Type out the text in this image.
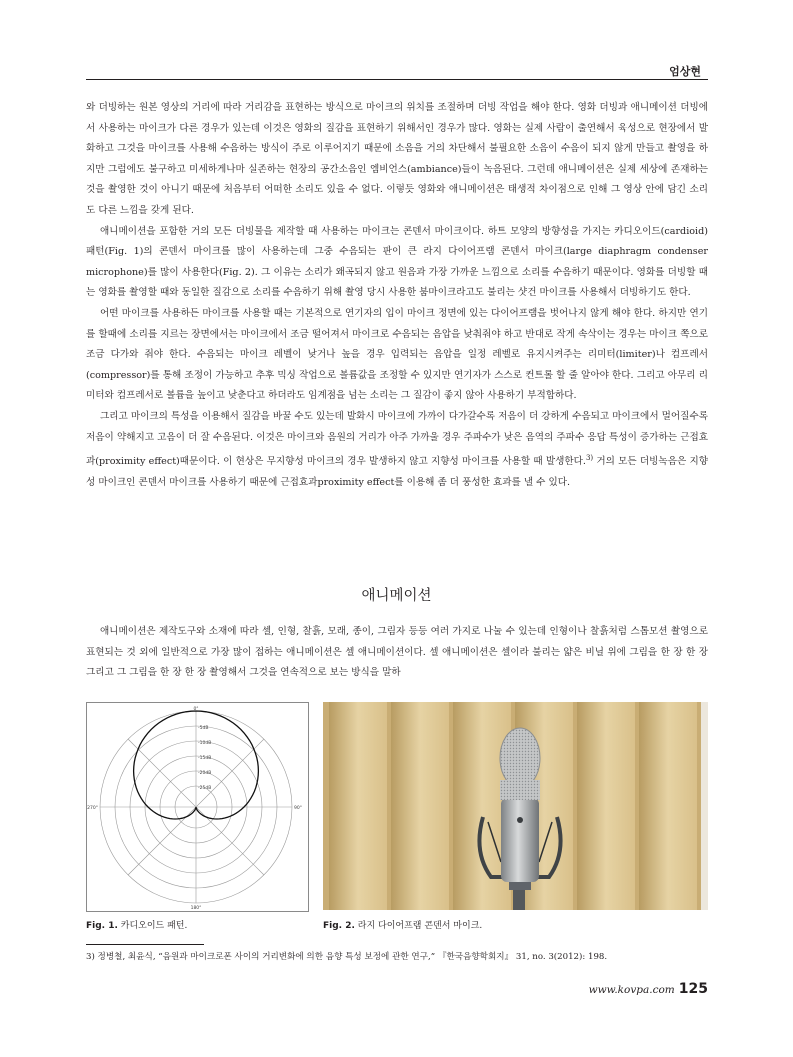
엄상현

와 더빙하는 원본 영상의 거리에 따라 거리감을 표현하는 방식으로 마이크의 위치를 조절하며 더빙 작업을 해야 한다. 영화 더빙과 애니메이션 더빙에서 사용하는 마이크가 다른 경우가 있는데 이것은 영화의 질감을 표현하기 위해서인 경우가 많다. 영화는 실제 사람이 출연해서 육성으로 현장에서 발화하고 그것을 마이크를 사용해 수음하는 방식이 주로 이루어지기 때문에 소음을 거의 차단해서 불필요한 소음이 수음이 되지 않게 만들고 촬영을 하지만 그럼에도 불구하고 미세하게나마 실존하는 현장의 공간소음인 엠비언스(ambiance)들이 녹음된다. 그런데 애니메이션은 실제 세상에 존재하는 것을 촬영한 것이 아니기 때문에 처음부터 어떠한 소리도 있을 수 없다. 이렇듯 영화와 애니메이션은 태생적 차이점으로 인해 그 영상 안에 담긴 소리도 다른 느낌을 갖게 된다.

애니메이션을 포함한 거의 모든 더빙물을 제작할 때 사용하는 마이크는 콘덴서 마이크이다. 하트 모양의 방향성을 가지는 카디오이드(cardioid) 패턴(Fig. 1)의 콘덴서 마이크를 많이 사용하는데 그중 수음되는 판이 큰 라지 다이어프램 콘덴서 마이크(large diaphragm condenser microphone)를 많이 사용한다(Fig. 2). 그 이유는 소리가 왜곡되지 않고 원음과 가장 가까운 느낌으로 소리를 수음하기 때문이다. 영화를 더빙할 때는 영화를 촬영할 때와 동일한 질감으로 소리를 수음하기 위해 촬영 당시 사용한 붐마이크라고도 불리는 샷건 마이크를 사용해서 더빙하기도 한다.

어떤 마이크를 사용하든 마이크를 사용할 때는 기본적으로 연기자의 입이 마이크 정면에 있는 다이어프램을 벗어나지 않게 해야 한다. 하지만 연기를 할때에 소리를 지르는 장면에서는 마이크에서 조금 떨어져서 마이크로 수음되는 음압을 낮춰줘야 하고 반대로 작게 속삭이는 경우는 마이크 쪽으로 조금 다가와 줘야 한다. 수음되는 마이크 레벨이 낮거나 높을 경우 입력되는 음압을 일정 레벨로 유지시켜주는 리미터(limiter)나 컴프레서(compressor)를 통해 조정이 가능하고 추후 믹싱 작업으로 볼륨값을 조정할 수 있지만 연기자가 스스로 컨트롤 할 줄 알아야 한다. 그리고 아무리 리미터와 컴프레서로 볼륨을 높이고 낮춘다고 하더라도 임계점을 넘는 소리는 그 질감이 좋지 않아 사용하기 부적합하다.

그리고 마이크의 특성을 이용해서 질감을 바꿀 수도 있는데 발화시 마이크에 가까이 다가갈수록 저음이 더 강하게 수음되고 마이크에서 멀어질수록 저음이 약해지고 고음이 더 잘 수음된다. 이것은 마이크와 음원의 거리가 아주 가까울 경우 주파수가 낮은 음역의 주파수 응답 특성이 증가하는 근접효과(proximity effect)때문이다. 이 현상은 무지향성 마이크의 경우 발생하지 않고 지향성 마이크를 사용할 때 발생한다.$^{3)}$ 거의 모든 더빙녹음은 지향성 마이크인 콘덴서 마이크를 사용하기 때문에 근접효과proximity effect를 이용해 좀 더 풍성한 효과를 낼 수 있다.

애니메이션

애니메이션은 제작도구와 소재에 따라 셀, 인형, 찰흙, 모래, 종이, 그림자 등등 여러 가지로 나눌 수 있는데 인형이나 찰흙처럼 스톱모션 촬영으로 표현되는 것 외에 일반적으로 가장 많이 접하는 애니메이션은 셀 애니메이션이다. 셀 애니메이션은 셀이라 불리는 얇은 비닐 위에 그림을 한 장 한 장 그리고 그 그림을 한 장 한 장 촬영해서 그것을 연속적으로 보는 방식을 말하

0°
90°
180°
270°
-5dB
-10dB
-15dB
-20dB
-25dB
Fig. 1. 카디오이드 패턴.	Fig. 2. 라지 다이어프램 콘덴서 마이크.
3) 정병철, 최윤식, “음원과 마이크로폰 사이의 거리변화에 의한 음향 특성 보정에 관한 연구,” 『한국음향학회지』 31, no. 3(2012): 198.
www.kovpa.com 125
